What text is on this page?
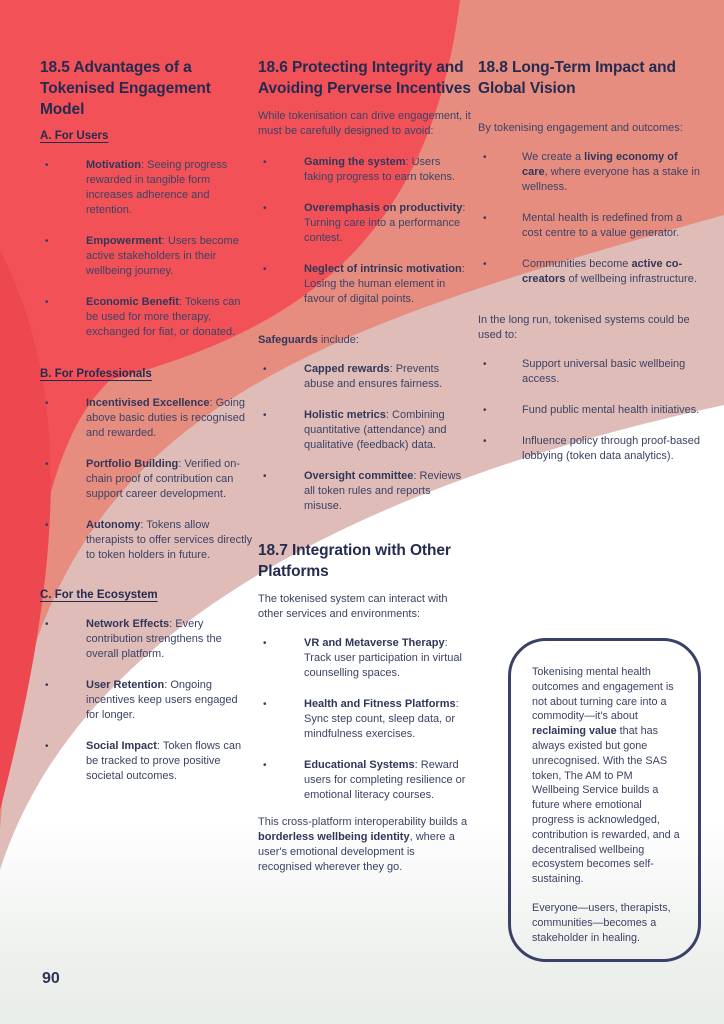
18.5 Advantages of a Tokenised Engagement Model

A. For Users

•
Motivation: Seeing progress rewarded in tangible form increases adherence and retention.
•
Empowerment: Users become active stakeholders in their wellbeing journey.
•
Economic Benefit: Tokens can be used for more therapy, exchanged for fiat, or donated.

B. For Professionals

•
Incentivised Excellence: Going above basic duties is recognised and rewarded.
•
Portfolio Building: Verified on-chain proof of contribution can support career development.
•
Autonomy: Tokens allow therapists to offer services directly to token holders in future.

C. For the Ecosystem

•
Network Effects: Every contribution strengthens the overall platform.
•
User Retention: Ongoing incentives keep users engaged for longer.
•
Social Impact: Token flows can be tracked to prove positive societal outcomes.
18.6 Protecting Integrity and Avoiding Perverse Incentives

While tokenisation can drive engagement, it must be carefully designed to avoid:

•
Gaming the system: Users faking progress to earn tokens.
•
Overemphasis on productivity: Turning care into a performance contest.
•
Neglect of intrinsic motivation: Losing the human element in favour of digital points.

Safeguards include:

•
Capped rewards: Prevents abuse and ensures fairness.
•
Holistic metrics: Combining quantitative (attendance) and qualitative (feedback) data.
•
Oversight committee: Reviews all token rules and reports misuse.
18.7 Integration with Other Platforms

The tokenised system can interact with other services and environments:

•
VR and Metaverse Therapy: Track user participation in virtual counselling spaces.
•
Health and Fitness Platforms: Sync step count, sleep data, or mindfulness exercises.
•
Educational Systems: Reward users for completing resilience or emotional literacy courses.

This cross-platform interoperability builds a borderless wellbeing identity, where a user's emotional development is recognised wherever they go.

18.8 Long-Term Impact and Global Vision

By tokenising engagement and outcomes:

•
We create a living economy of care, where everyone has a stake in wellness.
•
Mental health is redefined from a cost centre to a value generator.
•
Communities become active co-creators of wellbeing infrastructure.

In the long run, tokenised systems could be used to:

•
Support universal basic wellbeing access.
•
Fund public mental health initiatives.
•
Influence policy through proof-based lobbying (token data analytics).

Tokenising mental health outcomes and engagement is not about turning care into a commodity—it's about reclaiming value that has always existed but gone unrecognised. With the SAS token, The AM to PM Wellbeing Service builds a future where emotional progress is acknowledged, contribution is rewarded, and a decentralised wellbeing ecosystem becomes self-sustaining.

Everyone—users, therapists, communities—becomes a stakeholder in healing.

90
